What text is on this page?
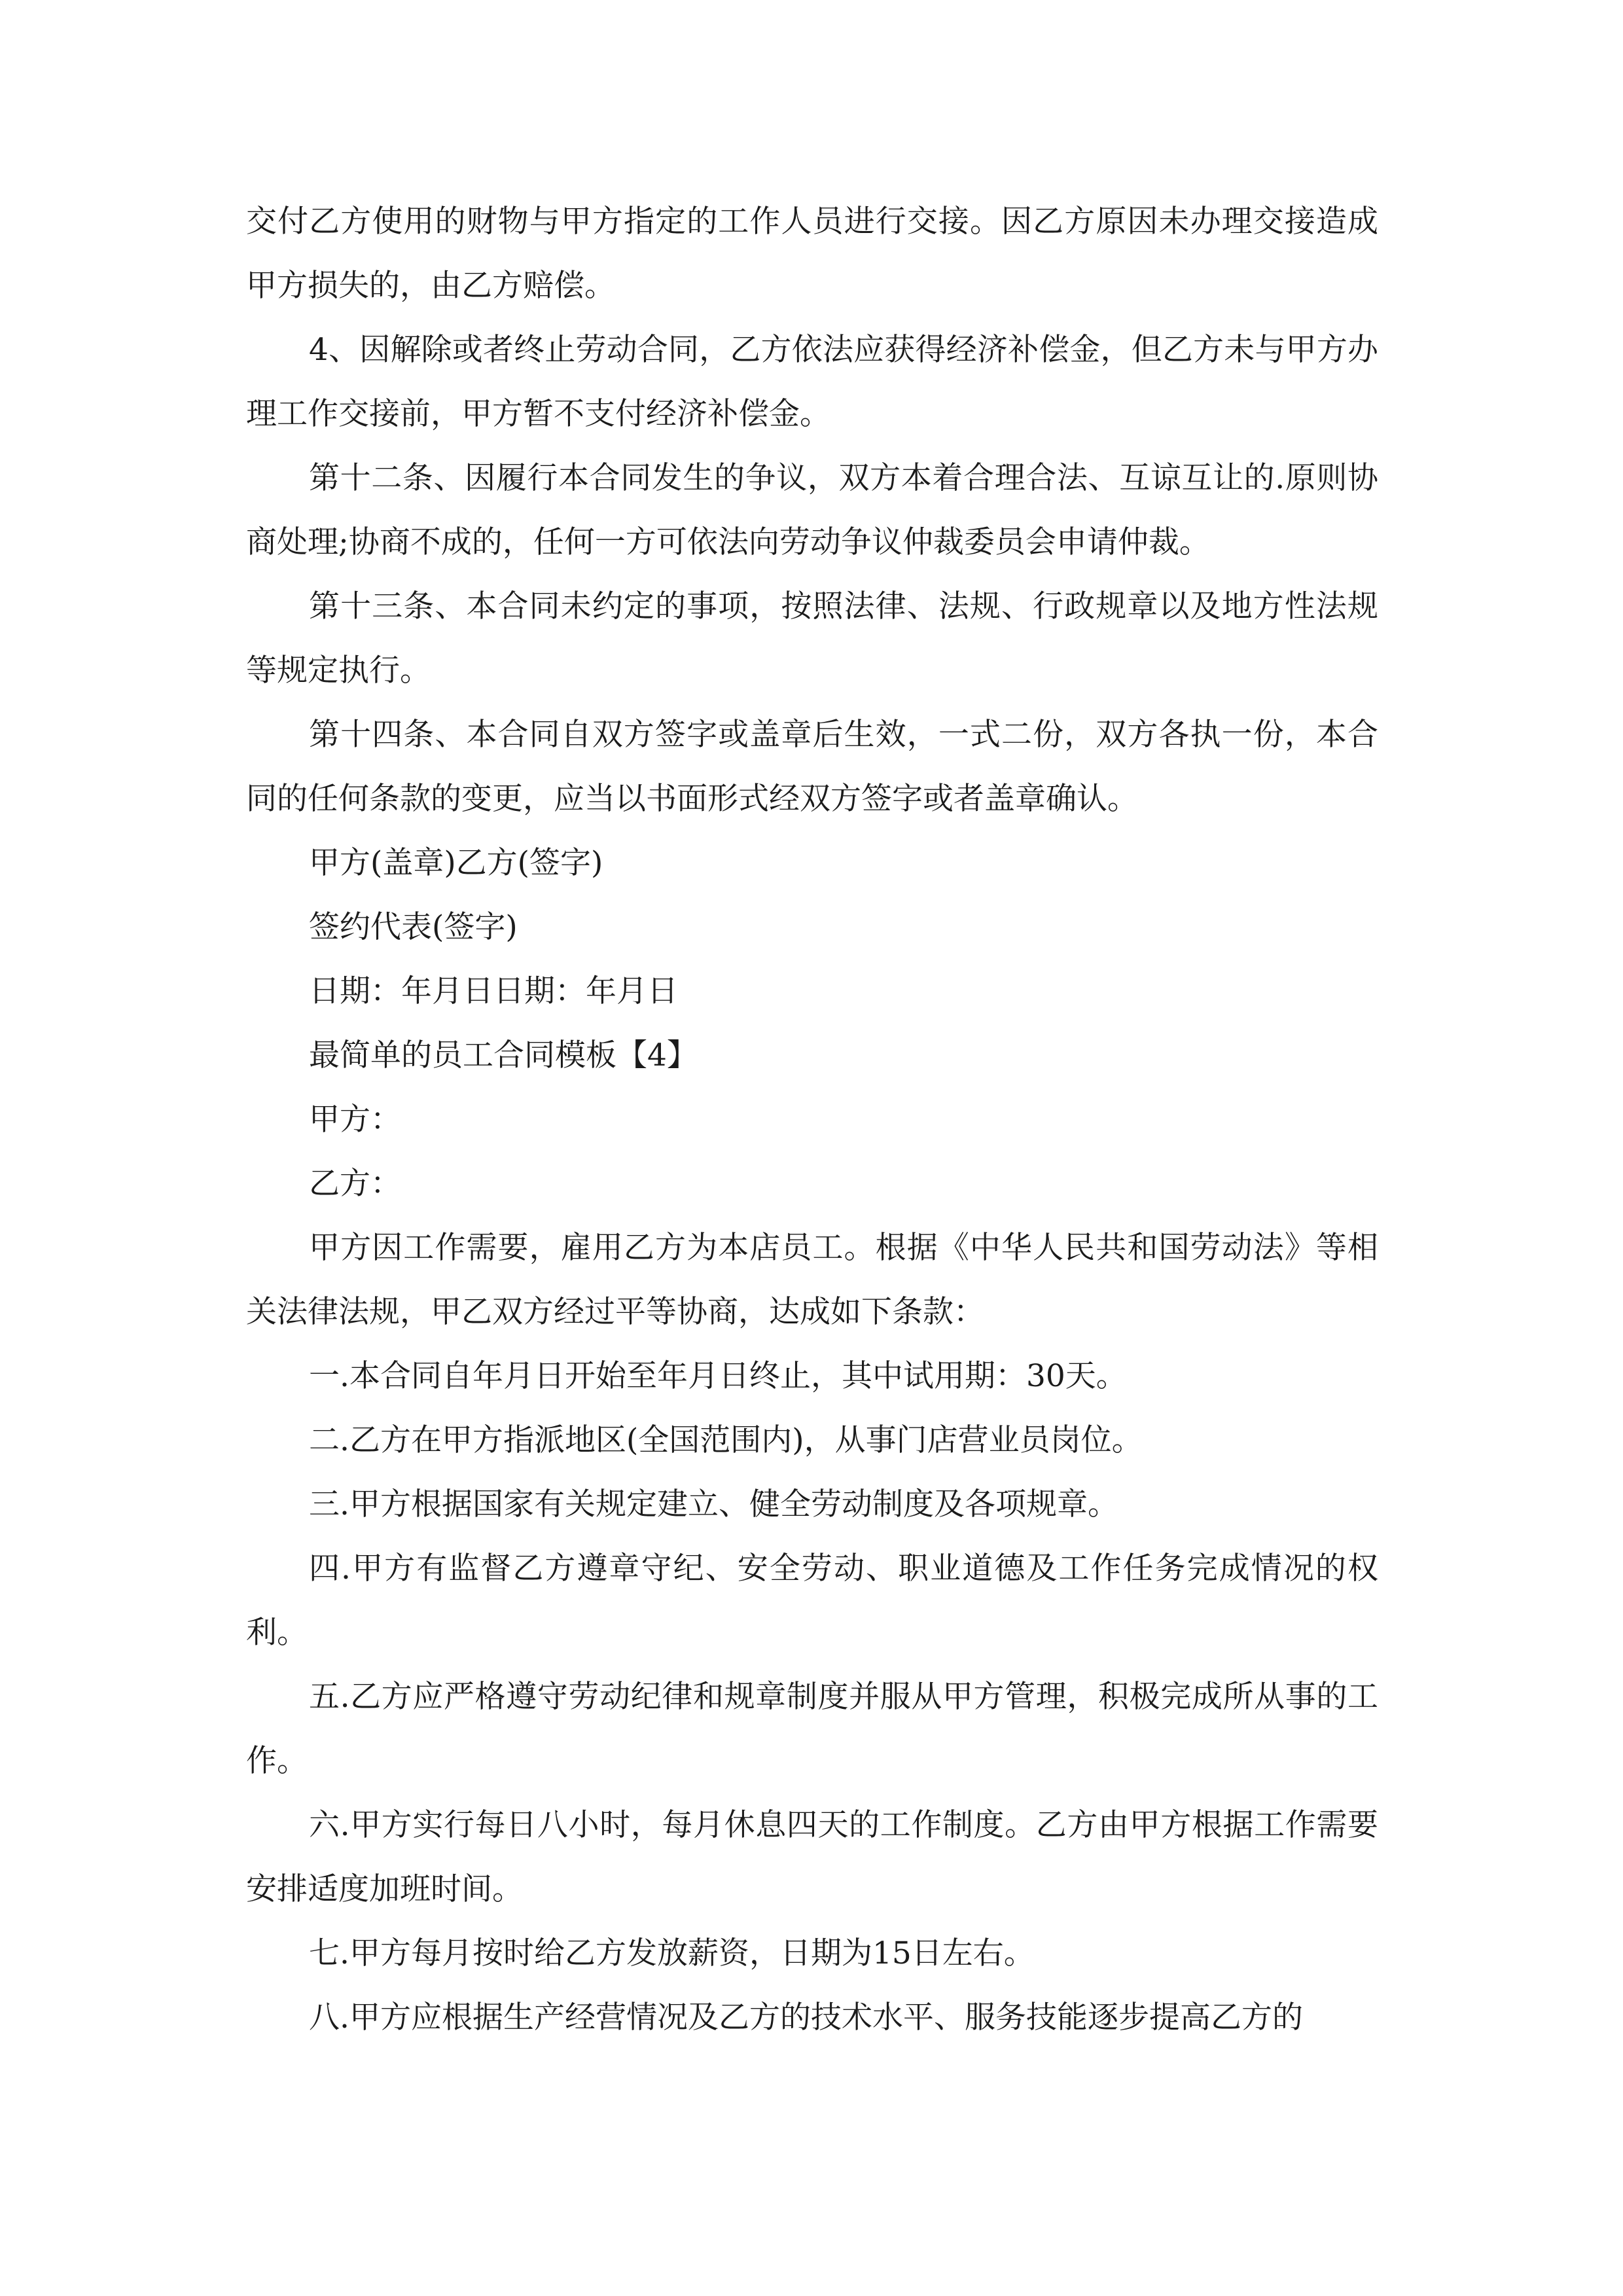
交付乙方使用的财物与甲方指定的工作人员进行交接。因乙方原因未办理交接造成甲方损失的，由乙方赔偿。

4、因解除或者终止劳动合同，乙方依法应获得经济补偿金，但乙方未与甲方办理工作交接前，甲方暂不支付经济补偿金。

第十二条、因履行本合同发生的争议，双方本着合理合法、互谅互让的.原则协商处理;协商不成的，任何一方可依法向劳动争议仲裁委员会申请仲裁。

第十三条、本合同未约定的事项，按照法律、法规、行政规章以及地方性法规等规定执行。

第十四条、本合同自双方签字或盖章后生效，一式二份，双方各执一份，本合同的任何条款的变更，应当以书面形式经双方签字或者盖章确认。

甲方(盖章)乙方(签字)

签约代表(签字)

日期：年月日日期：年月日

最简单的员工合同模板【4】

甲方：

乙方：

甲方因工作需要，雇用乙方为本店员工。根据《中华人民共和国劳动法》等相关法律法规，甲乙双方经过平等协商，达成如下条款：

一.本合同自年月日开始至年月日终止，其中试用期：30天。

二.乙方在甲方指派地区(全国范围内)，从事门店营业员岗位。

三.甲方根据国家有关规定建立、健全劳动制度及各项规章。

四.甲方有监督乙方遵章守纪、安全劳动、职业道德及工作任务完成情况的权利。

五.乙方应严格遵守劳动纪律和规章制度并服从甲方管理，积极完成所从事的工作。

六.甲方实行每日八小时，每月休息四天的工作制度。乙方由甲方根据工作需要安排适度加班时间。

七.甲方每月按时给乙方发放薪资，日期为15日左右。

八.甲方应根据生产经营情况及乙方的技术水平、服务技能逐步提高乙方的
